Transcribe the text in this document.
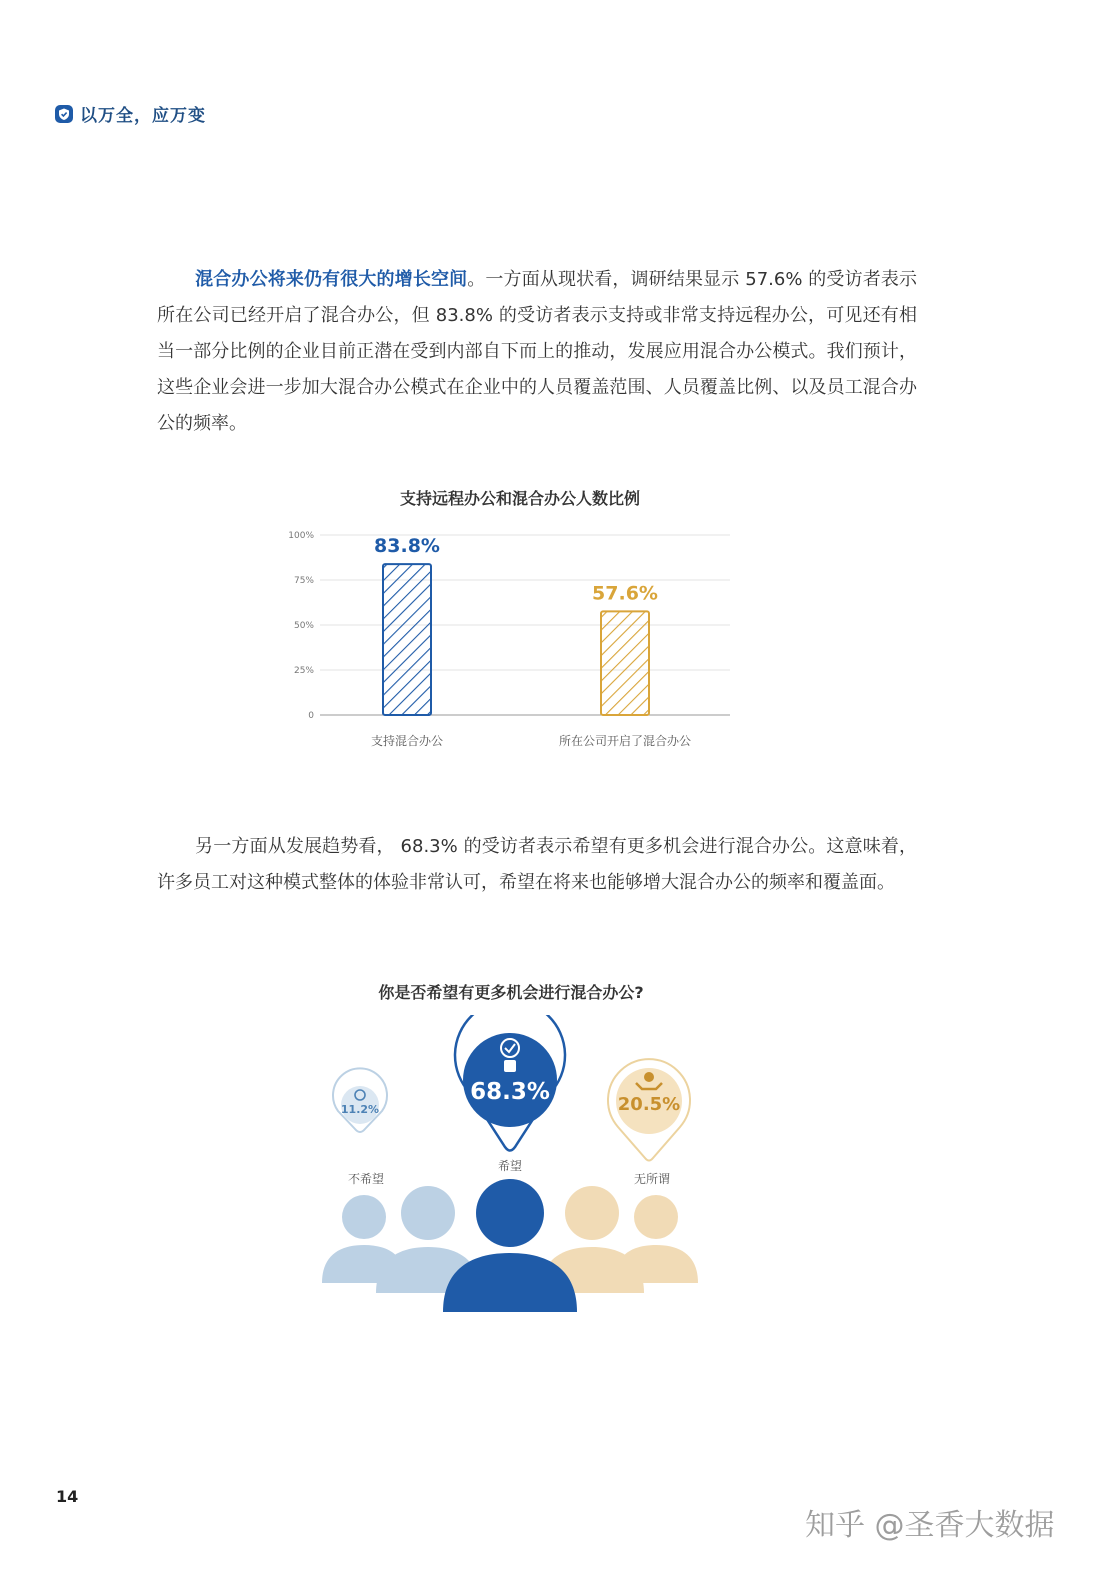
以万全，应万变

混合办公将来仍有很大的增长空间。一方面从现状看，调研结果显示 57.6% 的受访者表示所在公司已经开启了混合办公，但 83.8% 的受访者表示支持或非常支持远程办公，可见还有相当一部分比例的企业目前正潜在受到内部自下而上的推动，发展应用混合办公模式。我们预计，这些企业会进一步加大混合办公模式在企业中的人员覆盖范围、人员覆盖比例、以及员工混合办公的频率。

支持远程办公和混合办公人数比例
0
25%
50%
75%
100%	83.8%
支持混合办公
57.6%
所在公司开启了混合办公

另一方面从发展趋势看， 68.3% 的受访者表示希望有更多机会进行混合办公。这意味着，许多员工对这种模式整体的体验非常认可，希望在将来也能够增大混合办公的频率和覆盖面。

你是否希望有更多机会进行混合办公?
11.2%
不希望
68.3%
希望
20.5%
无所谓
14
知乎 @圣香大数据
